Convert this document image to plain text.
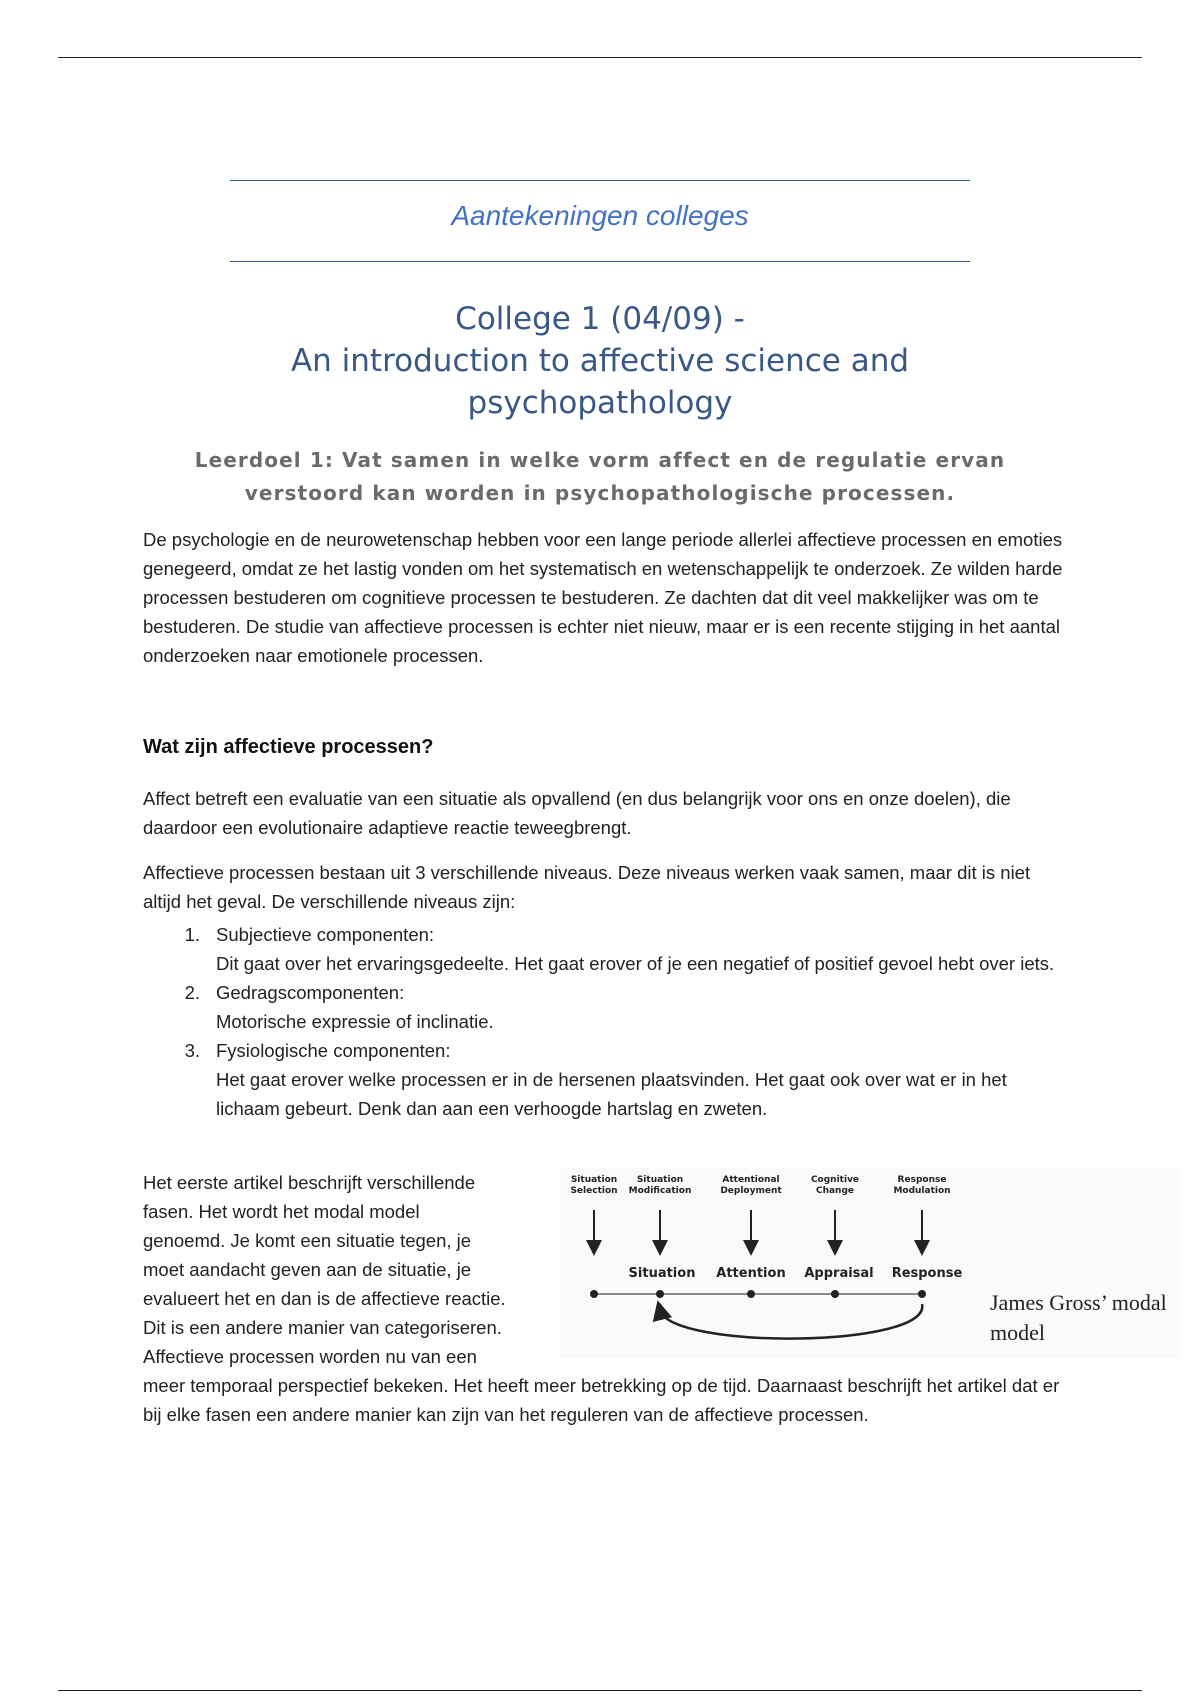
Aantekeningen colleges
College 1 (04/09) -
An introduction to affective science and
psychopathology
Leerdoel 1: Vat samen in welke vorm affect en de regulatie ervan verstoord kan worden in psychopathologische processen.
De psychologie en de neurowetenschap hebben voor een lange periode allerlei affectieve processen en emoties genegeerd, omdat ze het lastig vonden om het systematisch en wetenschappelijk te onderzoek. Ze wilden harde processen bestuderen om cognitieve processen te bestuderen. Ze dachten dat dit veel makkelijker was om te bestuderen. De studie van affectieve processen is echter niet nieuw, maar er is een recente stijging in het aantal onderzoeken naar emotionele processen.
Wat zijn affectieve processen?
Affect betreft een evaluatie van een situatie als opvallend (en dus belangrijk voor ons en onze doelen), die daardoor een evolutionaire adaptieve reactie teweegbrengt.
Affectieve processen bestaan uit 3 verschillende niveaus. Deze niveaus werken vaak samen, maar dit is niet altijd het geval. De verschillende niveaus zijn:
1. Subjectieve componenten:
Dit gaat over het ervaringsgedeelte. Het gaat erover of je een negatief of positief gevoel hebt over iets.
2. Gedragscomponenten:
Motorische expressie of inclinatie.
3. Fysiologische componenten:
Het gaat erover welke processen er in de hersenen plaatsvinden. Het gaat ook over wat er in het lichaam gebeurt. Denk dan aan een verhoogde hartslag en zweten.
Het eerste artikel beschrijft verschillende
fasen. Het wordt het modal model
genoemd. Je komt een situatie tegen, je
moet aandacht geven aan de situatie, je
evalueert het en dan is de affectieve reactie.
Dit is een andere manier van categoriseren.
Affectieve processen worden nu van een
Situation
Selection
Situation
Modification
Attentional
Deployment
Cognitive
Change
Response
Modulation
Situation Attention Appraisal Response
James Gross’ modal
model
meer temporaal perspectief bekeken. Het heeft meer betrekking op de tijd. Daarnaast beschrijft het artikel dat er bij elke fasen een andere manier kan zijn van het reguleren van de affectieve processen.
